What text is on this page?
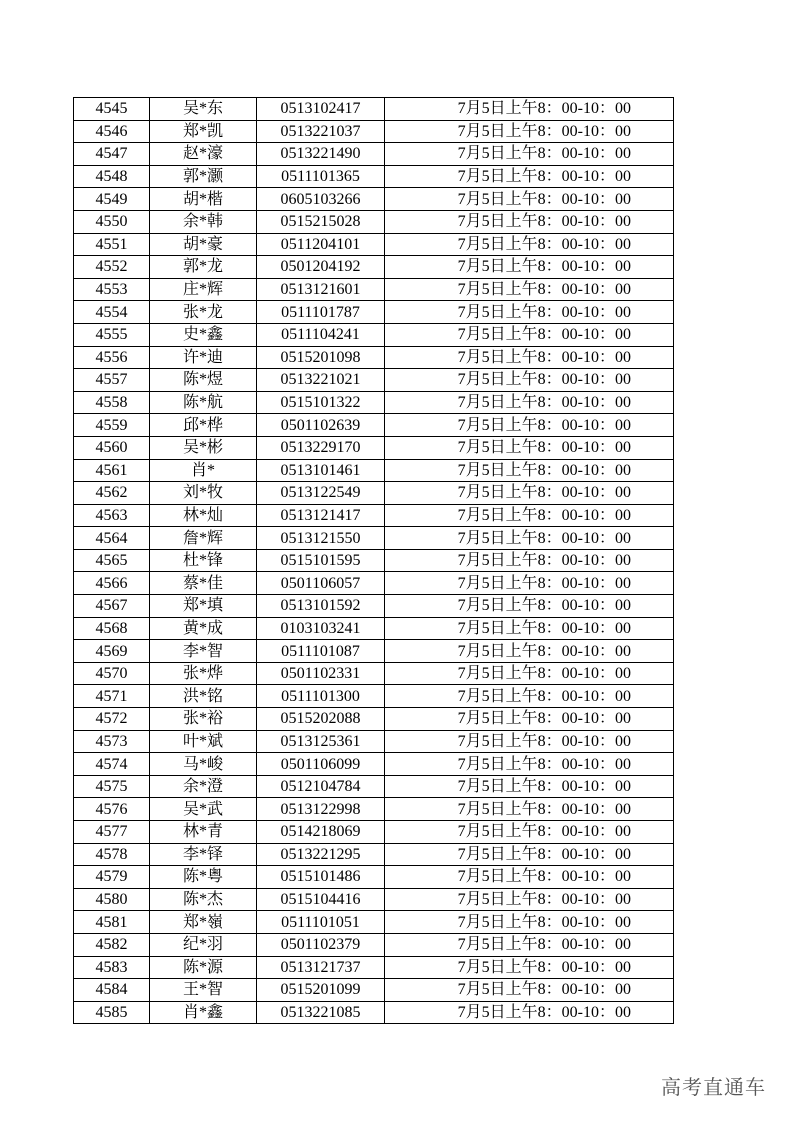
4545	吴*东	0513102417	7月5日上午8：00-10：00
4546	郑*凯	0513221037	7月5日上午8：00-10：00
4547	赵*濠	0513221490	7月5日上午8：00-10：00
4548	郭*灏	0511101365	7月5日上午8：00-10：00
4549	胡*楷	0605103266	7月5日上午8：00-10：00
4550	余*韩	0515215028	7月5日上午8：00-10：00
4551	胡*豪	0511204101	7月5日上午8：00-10：00
4552	郭*龙	0501204192	7月5日上午8：00-10：00
4553	庄*辉	0513121601	7月5日上午8：00-10：00
4554	张*龙	0511101787	7月5日上午8：00-10：00
4555	史*鑫	0511104241	7月5日上午8：00-10：00
4556	许*迪	0515201098	7月5日上午8：00-10：00
4557	陈*煜	0513221021	7月5日上午8：00-10：00
4558	陈*航	0515101322	7月5日上午8：00-10：00
4559	邱*桦	0501102639	7月5日上午8：00-10：00
4560	吴*彬	0513229170	7月5日上午8：00-10：00
4561	肖*	0513101461	7月5日上午8：00-10：00
4562	刘*牧	0513122549	7月5日上午8：00-10：00
4563	林*灿	0513121417	7月5日上午8：00-10：00
4564	詹*辉	0513121550	7月5日上午8：00-10：00
4565	杜*锋	0515101595	7月5日上午8：00-10：00
4566	蔡*佳	0501106057	7月5日上午8：00-10：00
4567	郑*填	0513101592	7月5日上午8：00-10：00
4568	黄*成	0103103241	7月5日上午8：00-10：00
4569	李*智	0511101087	7月5日上午8：00-10：00
4570	张*烨	0501102331	7月5日上午8：00-10：00
4571	洪*铭	0511101300	7月5日上午8：00-10：00
4572	张*裕	0515202088	7月5日上午8：00-10：00
4573	叶*斌	0513125361	7月5日上午8：00-10：00
4574	马*峻	0501106099	7月5日上午8：00-10：00
4575	余*澄	0512104784	7月5日上午8：00-10：00
4576	吴*武	0513122998	7月5日上午8：00-10：00
4577	林*青	0514218069	7月5日上午8：00-10：00
4578	李*铎	0513221295	7月5日上午8：00-10：00
4579	陈*粤	0515101486	7月5日上午8：00-10：00
4580	陈*杰	0515104416	7月5日上午8：00-10：00
4581	郑*嶺	0511101051	7月5日上午8：00-10：00
4582	纪*羽	0501102379	7月5日上午8：00-10：00
4583	陈*源	0513121737	7月5日上午8：00-10：00
4584	王*智	0515201099	7月5日上午8：00-10：00
4585	肖*鑫	0513221085	7月5日上午8：00-10：00
高考直通车
